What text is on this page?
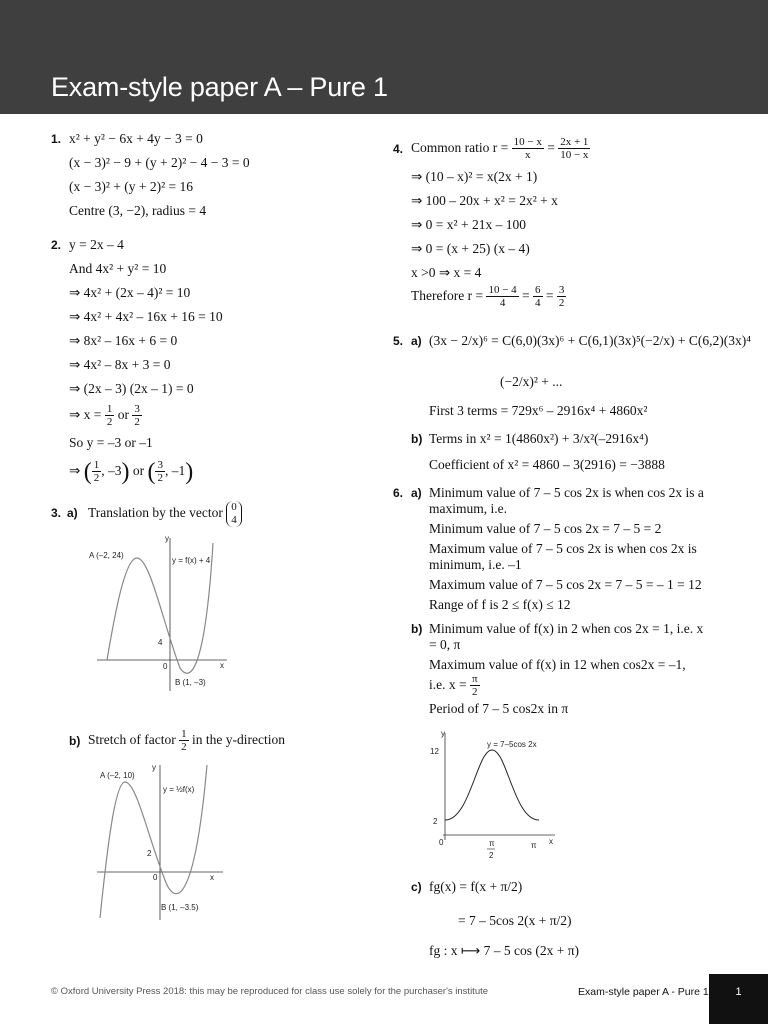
Exam-style paper A – Pure 1
1. x² + y² − 6x + 4y − 3 = 0
(x − 3)² − 9 + (y + 2)² − 4 − 3 = 0
(x − 3)² + (y + 2)² = 16
Centre (3, −2), radius = 4
2. y = 2x – 4
And 4x² + y² = 10
⇒ 4x² + (2x – 4)² = 10
⇒ 4x² + 4x² – 16x + 16 = 10
⇒ 8x² – 16x + 6 = 0
⇒ 4x² – 8x + 3 = 0
⇒ (2x – 3) (2x – 1) = 0
⇒ $x = \frac{1}{2}$ or $\frac{3}{2}$
So y = –3 or –1
⇒ ( $\frac{1}{2}$ , –3) or ( $\frac{3}{2}$ , –1)
3. a) Translation by the vector 0
4
y
x
A (–2, 24)
y = f(x) + 4
4
0
B (1, –3)
b) Stretch of factor $\frac{1}{2}$ in the y-direction
y
x
A (–2, 10)
y = ½f(x)
2
0
B (1, –3.5)
4. Common ratio $r = \frac{10 - x}{x} = \frac{2x + 1}{10 - x}$
⇒ (10 – x)² = x(2x + 1)
⇒ 100 – 20x + x² = 2x² + x
⇒ 0 = x² + 21x – 100
⇒ 0 = (x + 25) (x – 4)
x >0 ⇒ x = 4
Therefore $r = \frac{10 - 4}{4} = \frac{6}{4} = \frac{3}{2}$
5. a) (3x − 2/x)⁶ = C(6,0)(3x)⁶ + C(6,1)(3x)⁵(−2/x) + C(6,2)(3x)⁴
(−2/x)² + ...
First 3 terms = 729x⁶ – 2916x⁴ + 4860x²
b) Terms in x² = 1(4860x²) + 3/x²(–2916x⁴)
Coefficient of x² = 4860 – 3(2916) = −3888
6. a) Minimum value of 7 – 5 cos 2x is when cos 2x is a
maximum, i.e.
Minimum value of 7 – 5 cos 2x = 7 – 5 = 2
Maximum value of 7 – 5 cos 2x is when cos 2x is
minimum, i.e. –1
Maximum value of 7 – 5 cos 2x = 7 – 5 = – 1 = 12
Range of f is 2 ≤ f(x) ≤ 12
b) Minimum value of f(x) in 2 when cos 2x = 1, i.e. x
= 0, π
Maximum value of f(x) in 12 when cos2x = –1,
i.e. $x = \frac{\pi}{2}$
Period of 7 – 5 cos2x in π
y
y = 7–5cos 2x
12
2
0	π
2
π x
c) fg(x) = f(x + π/2)
= 7 – 5cos 2(x + π/2)
fg : x ⟼ 7 – 5 cos (2x + π)
© Oxford University Press 2018: this may be reproduced for class use solely for the purchaser's institute	Exam-style paper A - Pure 1	1
